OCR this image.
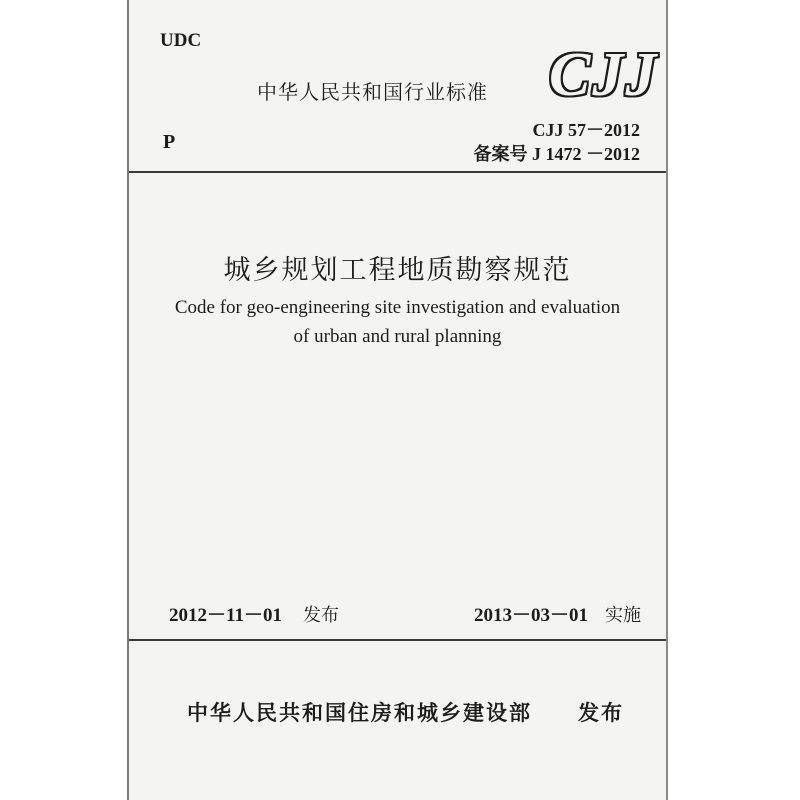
UDC
中华人民共和国行业标准 CJJ
P
CJJ 57－2012
备案号 J 1472 －2012
城乡规划工程地质勘察规范
Code for geo-engineering site investigation and evaluation
of urban and rural planning
2012－11－01 发布	2013－03－01 实施
中华人民共和国住房和城乡建设部 发布
